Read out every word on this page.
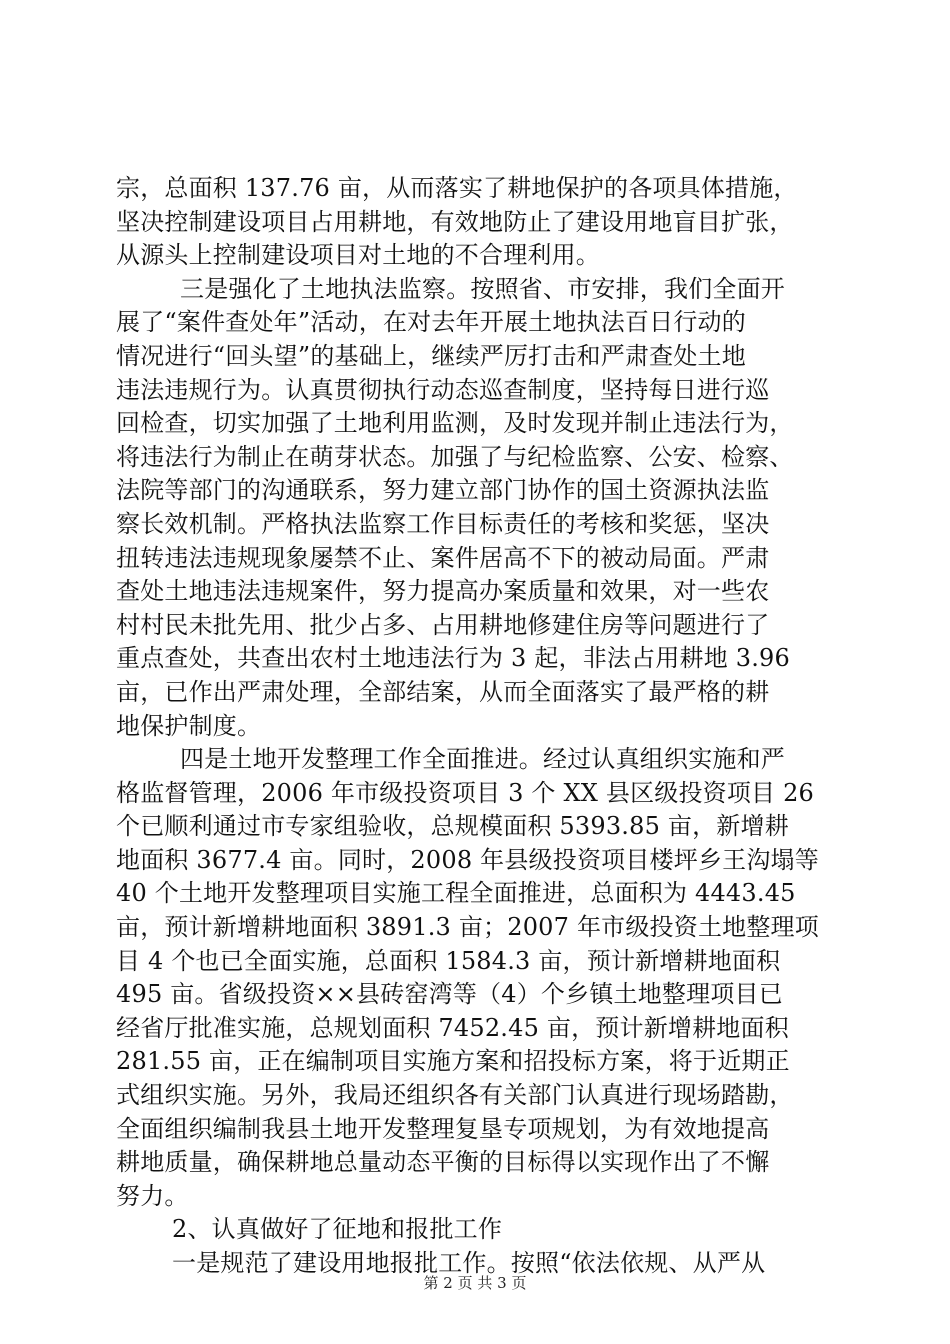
宗，总面积 137.76 亩，从而落实了耕地保护的各项具体措施，
坚决控制建设项目占用耕地，有效地防止了建设用地盲目扩张，
从源头上控制建设项目对土地的不合理利用。
三是强化了土地执法监察。按照省、市安排，我们全面开
展了“案件查处年”活动，在对去年开展土地执法百日行动的
情况进行“回头望”的基础上，继续严厉打击和严肃查处土地
违法违规行为。认真贯彻执行动态巡查制度，坚持每日进行巡
回检查，切实加强了土地利用监测，及时发现并制止违法行为，
将违法行为制止在萌芽状态。加强了与纪检监察、公安、检察、
法院等部门的沟通联系，努力建立部门协作的国土资源执法监
察长效机制。严格执法监察工作目标责任的考核和奖惩，坚决
扭转违法违规现象屡禁不止、案件居高不下的被动局面。严肃
查处土地违法违规案件，努力提高办案质量和效果，对一些农
村村民未批先用、批少占多、占用耕地修建住房等问题进行了
重点查处，共查出农村土地违法行为 3 起，非法占用耕地 3.96
亩，已作出严肃处理，全部结案，从而全面落实了最严格的耕
地保护制度。
四是土地开发整理工作全面推进。经过认真组织实施和严
格监督管理，2006 年市级投资项目 3 个 XX 县区级投资项目 26
个已顺利通过市专家组验收，总规模面积 5393.85 亩，新增耕
地面积 3677.4 亩。同时，2008 年县级投资项目楼坪乡王沟塌等
40 个土地开发整理项目实施工程全面推进，总面积为 4443.45
亩，预计新增耕地面积 3891.3 亩；2007 年市级投资土地整理项
目 4 个也已全面实施，总面积 1584.3 亩，预计新增耕地面积
495 亩。省级投资××县砖窑湾等（4）个乡镇土地整理项目已
经省厅批准实施，总规划面积 7452.45 亩，预计新增耕地面积
281.55 亩，正在编制项目实施方案和招投标方案，将于近期正
式组织实施。另外，我局还组织各有关部门认真进行现场踏勘，
全面组织编制我县土地开发整理复垦专项规划，为有效地提高
耕地质量，确保耕地总量动态平衡的目标得以实现作出了不懈
努力。
2、认真做好了征地和报批工作
一是规范了建设用地报批工作。按照“依法依规、从严从
第 2 页 共 3 页
